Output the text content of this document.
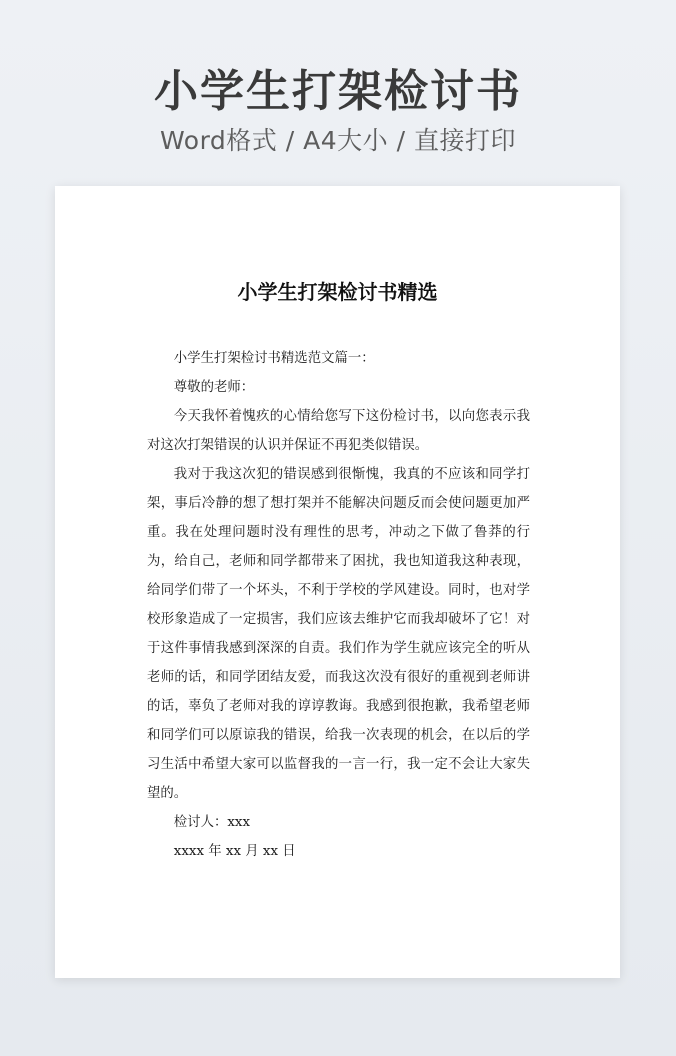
小学生打架检讨书
Word格式 / A4大小 / 直接打印
小学生打架检讨书精选

小学生打架检讨书精选范文篇一：

尊敬的老师：

今天我怀着愧疚的心情给您写下这份检讨书，以向您表示我对这次打架错误的认识并保证不再犯类似错误。

我对于我这次犯的错误感到很惭愧，我真的不应该和同学打架，事后冷静的想了想打架并不能解决问题反而会使问题更加严重。我在处理问题时没有理性的思考，冲动之下做了鲁莽的行为，给自己，老师和同学都带来了困扰，我也知道我这种表现，给同学们带了一个坏头，不利于学校的学风建设。同时，也对学校形象造成了一定损害，我们应该去维护它而我却破坏了它！对于这件事情我感到深深的自责。我们作为学生就应该完全的听从老师的话，和同学团结友爱，而我这次没有很好的重视到老师讲的话，辜负了老师对我的谆谆教诲。我感到很抱歉，我希望老师和同学们可以原谅我的错误，给我一次表现的机会，在以后的学习生活中希望大家可以监督我的一言一行，我一定不会让大家失望的。

检讨人：xxx

xxxx 年 xx 月 xx 日
